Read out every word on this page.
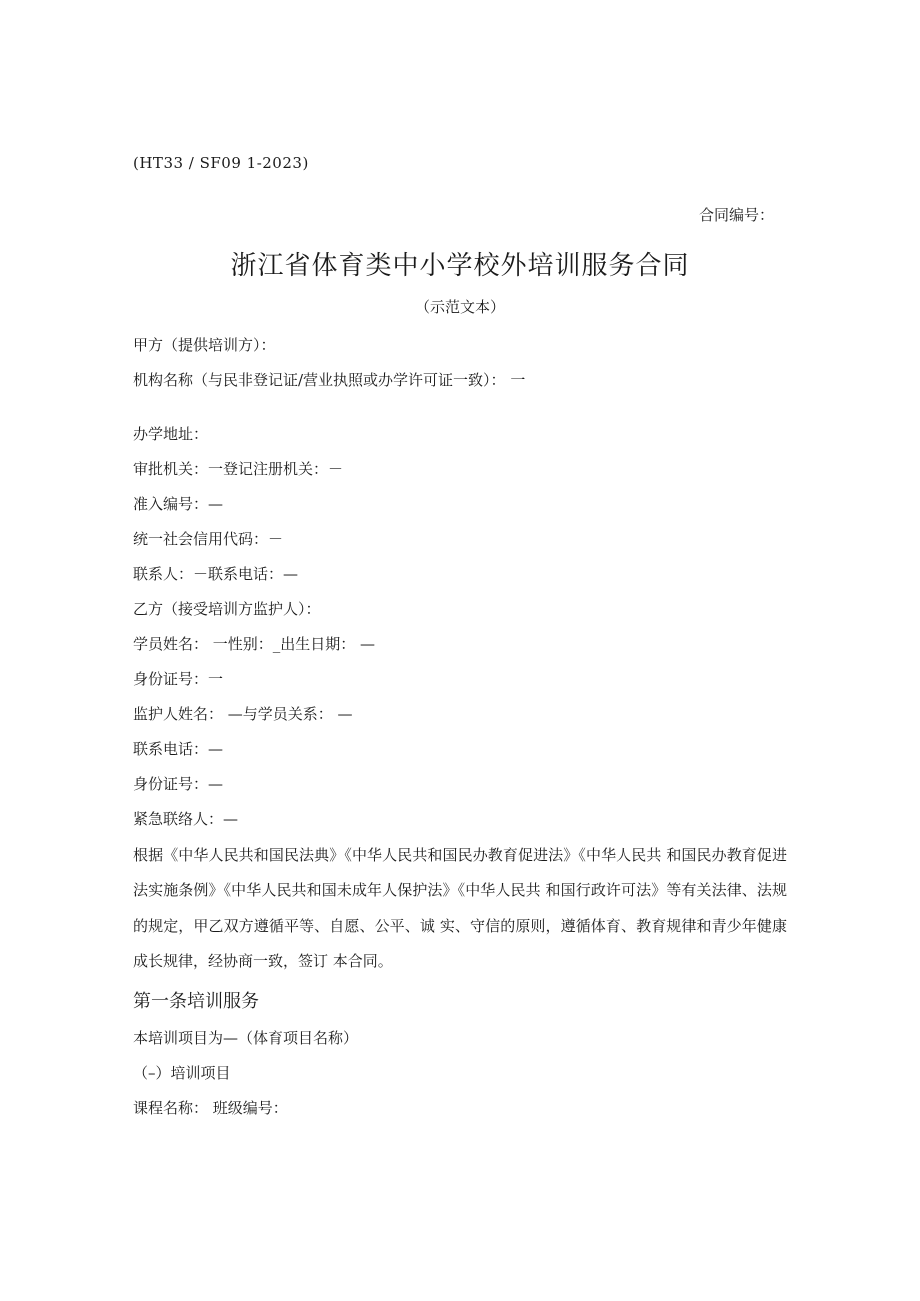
(HT33 / SF09 1-2023)
合同编号：
浙江省体育类中小学校外培训服务合同
（示范文本）
甲方（提供培训方）：
机构名称（与民非登记证/营业执照或办学许可证一致）： 一
办学地址：
审批机关：一登记注册机关：－
准入编号：—
统一社会信用代码：－
联系人：－联系电话：—
乙方（接受培训方监护人）：
学员姓名： 一性别：_出生日期： —
身份证号：一
监护人姓名： —与学员关系： —
联系电话：—
身份证号：—
紧急联络人：—
根据《中华人民共和国民法典》《中华人民共和国民办教育促进法》《中华人民共 和国民办教育促进法实施条例》《中华人民共和国未成年人保护法》《中华人民共 和国行政许可法》等有关法律、法规的规定，甲乙双方遵循平等、自愿、公平、诚 实、守信的原则，遵循体育、教育规律和青少年健康成长规律，经协商一致，签订 本合同。
第一条培训服务
本培训项目为—（体育项目名称）
（–）培训项目
课程名称： 班级编号：
